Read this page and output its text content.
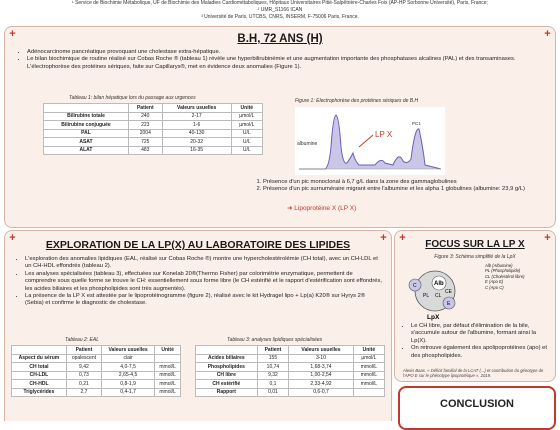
¹ Service de Biochimie Métabolique, UF de Biochimie des Maladies Cardiométaboliques, Hôpitaux Universitaires Pitié-Salpêtrière-Charles Foix (AP-HP Sorbonne Université), Paris, France;
² UMR_S1166 ICAN
³ Université de Paris, UTCBS, CNRS, INSERM, F-75006 Paris, France.
+	+
B.H, 72 ANS (H)
• Adénocarcinome pancréatique provoquant une cholestase extra-hépatique.
• Le bilan biochimique de routine réalisé sur Cobas Roche ® (tableau 1) révèle une hyperbilirubinémie et une augmentation importante des phosphatases alcalines (PAL) et des transaminases. L'électrophorèse des protéines sériques, faite sur Capillarys®, met en évidence deux anomalies (Figure 1).
Tableau 1: bilan hépatique lors du passage aux urgences
	Patient	Valeurs usuelles	Unité
Bilirubine totale	240	2-17	µmol/L
Bilirubine conjuguée	223	1-6	µmol/L
PAL	2004	40-130	U/L
ASAT	725	20-32	U/L
ALAT	483	16-35	U/L
Figure 1: Electrophorèse des protéines sériques de B.H
albumine
LP X
PC1
1. Présence d'un pic monoclonal à 6,7 g/L dans la zone des gammaglobulines
2. Présence d'un pic surnuméraire migrant entre l'albumine et les alpha 1 globulines (albumine: 23,9 g/L)
➜ Lipoprotéine X (LP X)
+	+
EXPLORATION DE LA LP(X) AU LABORATOIRE DES LIPIDES
• L'exploration des anomalies lipidiques (EAL, réalisé sur Cobas Roche ®) montre une hypercholestérolémie (CH total), avec un CH-LDL et un CH-HDL effondrés (tableau 2).
• Les analyses spécialisées (tableau 3), effectuées sur Konelab 20®(Thermo Fisher) par colorimétrie enzymatique, permettent de comprendre sous quelle forme se trouve le CH: essentiellement sous forme libre (le CH estérifié et le rapport d'estérification sont effondrés, les acides biliaires et les phospholipides sont très augmentés).
• La présence de la LP X est attestée par le lipoprotéinogramme (figure 2), réalisé avec le kit Hydragel lipo + Lp(a) K20® sur Hyrys 2® (Sebia) et confirme le diagnostic de cholestase.
Tableau 2: EAL
	Patient	Valeurs usuelles	Unité
Aspect du sérum	opalescent	clair	
CH total	9,42	4,0-7,5	mmol/L
CH-LDL	0,73	2,65-4,5	mmol/L
CH-HDL	0,21	0,8-1,9	mmol/L
Triglycérides	2,7	0,4-1,7	mmol/L
Tableau 3: analyses lipidiques spécialisées
	Patient	Valeurs usuelles	Unité
Acides biliaires	155	3-10	µmol/L
Phospholipides	10,74	1,68-3,74	mmol/L
CH libre	9,32	1,00-2,54	mmol/L
CH estérifié	0,1	2,33-4,92	mmol/L
Rapport	0,01	0,6-0,7	
+	+
FOCUS SUR LA LP X
Figure 3: Schéma simplifié de la LpX
Alb
PL CL
CE
C
E
LpX
Alb (Albumine)
PL (Phospholipide)
CL (Cholestérol libre)
E (Apo E)
C (Apo C)
• Le CH libre, par défaut d'élimination de la bile, s'accumule autour de l'albumine, formant ainsi la Lp(X).
• On retrouve également des apolipoprotéines (apo) et des phospholipides.
Alexis Baas. « Déficit familial de la LCAT (...) et contribution du génotype de l'APO E sur le phénotype lipoprotéique », 2019.
CONCLUSION
